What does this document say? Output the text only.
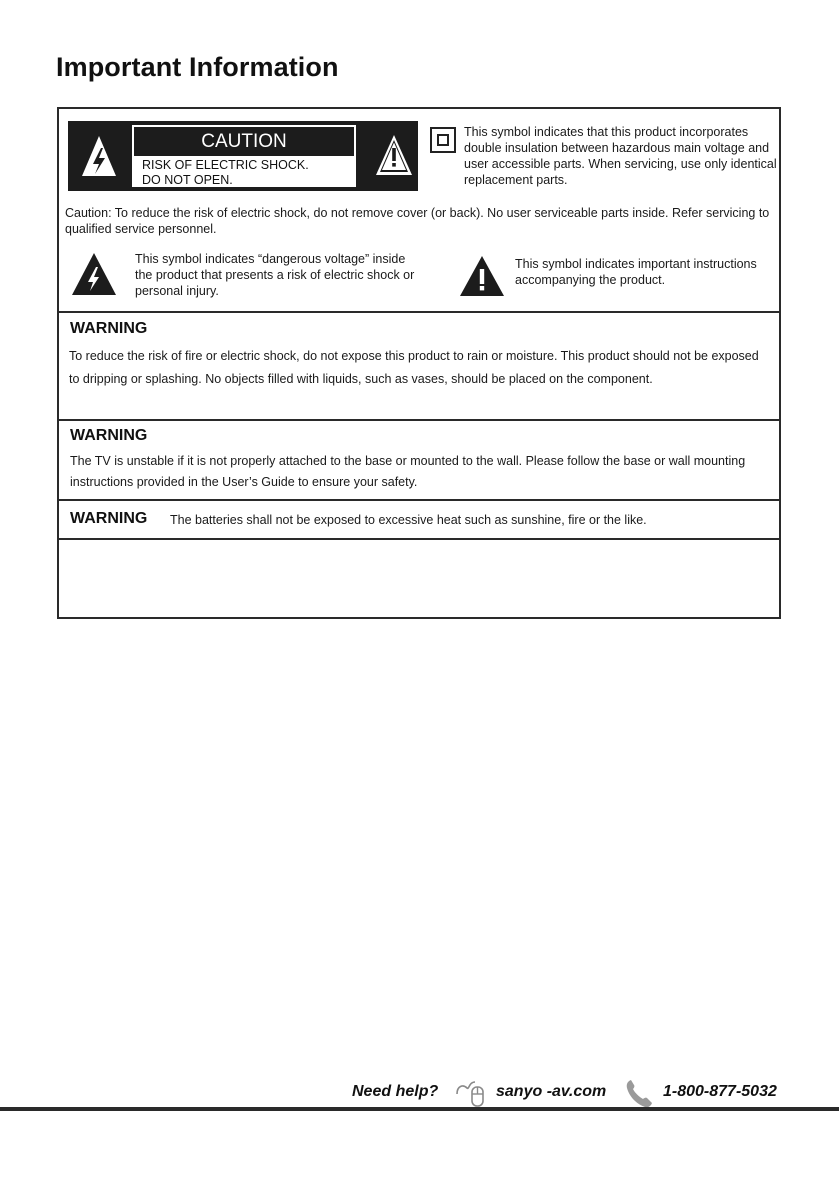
Important Information
CAUTION
RISK OF ELECTRIC SHOCK.
DO NOT OPEN.
This symbol indicates that this product incorporates double insulation between hazardous main voltage and user accessible parts. When servicing, use only identical replacement parts.
Caution: To reduce the risk of electric shock, do not remove cover (or back). No user serviceable parts inside. Refer servicing to qualified service personnel.
This symbol indicates “dangerous voltage” inside the product that presents a risk of electric shock or personal injury.
This symbol indicates important instructions accompanying the product.
WARNING
To reduce the risk of fire or electric shock, do not expose this product to rain or moisture. This product should not be exposed to dripping or splashing. No objects filled with liquids, such as vases, should be placed on the component.
WARNING
The TV is unstable if it is not properly attached to the base or mounted to the wall. Please follow the base or wall mounting instructions provided in the User’s Guide to ensure your safety.
WARNING The batteries shall not be exposed to excessive heat such as sunshine, fire or the like.
Need help?	sanyo -av.com	1-800-877-5032
